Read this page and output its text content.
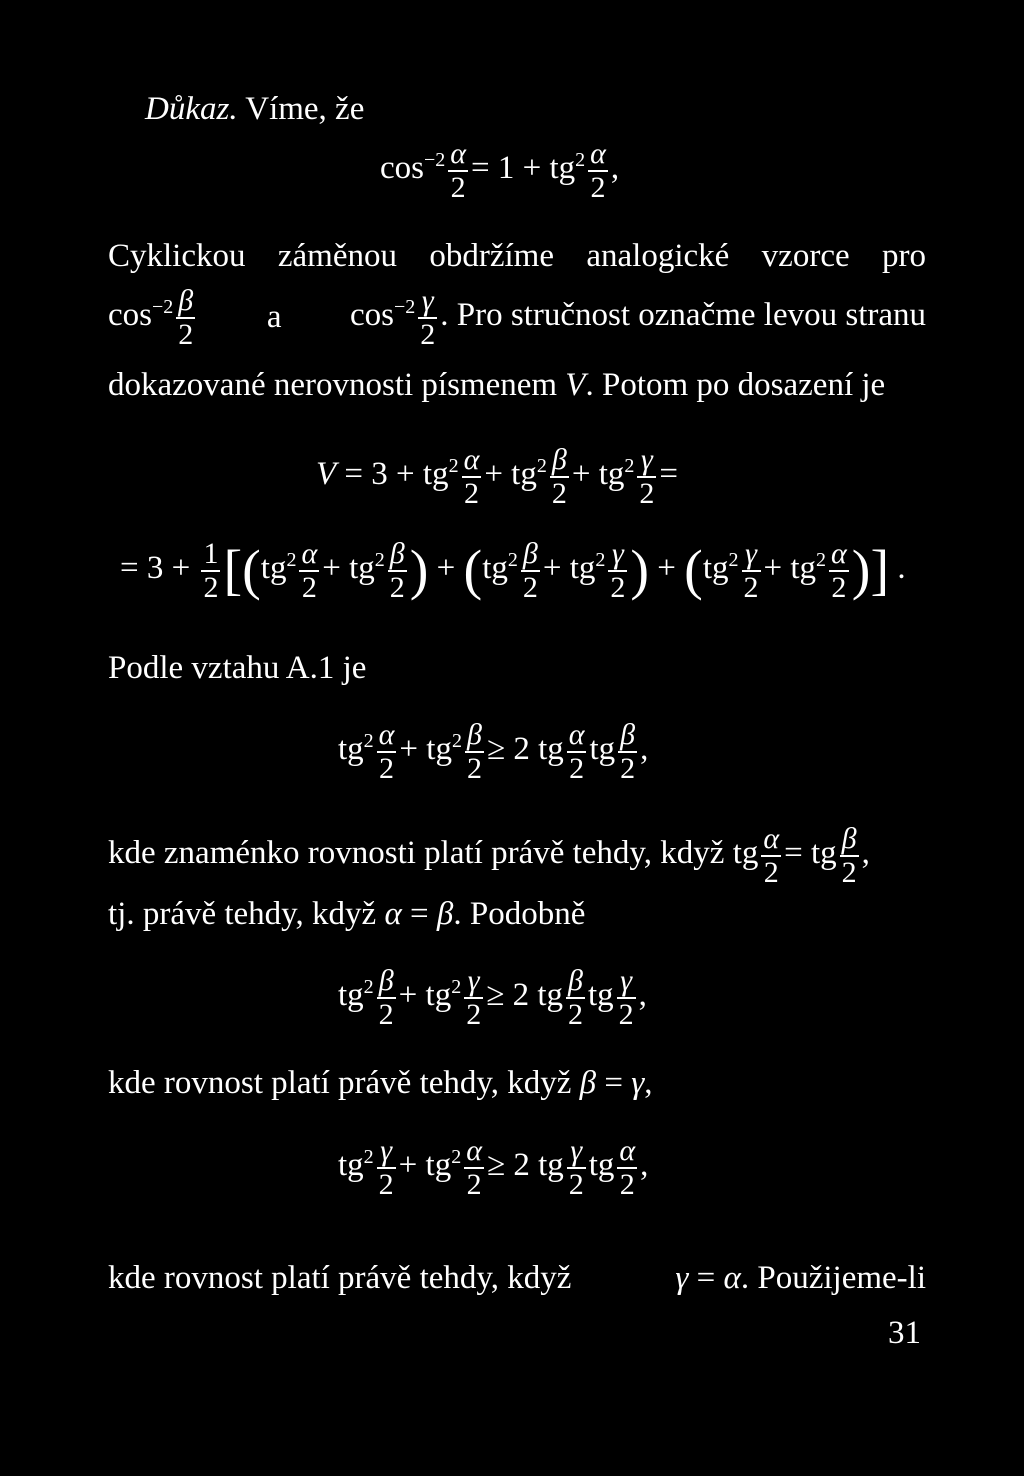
Důkaz. Víme, že
$\cos^{-2} \frac{\alpha}{2} = 1 + tg^2 \frac{\alpha}{2}$ ,
Cyklickou záměnou obdržíme analogické vzorce pro
$\cos^{-2} \frac{\beta}{2}$ a $\cos^{-2} \frac{\gamma}{2}$ . Pro stručnost označme levou stranu
dokazované nerovnosti písmenem V. Potom po dosazení je
$V = 3 + tg^2 \frac{\alpha}{2} + tg^2 \frac{\beta}{2} + tg^2 \frac{\gamma}{2}$ =
= $3 + \frac{1}{2} [(tg^2 \frac{\alpha}{2} + tg^2 \frac{\beta}{2}$ ) + ($tg^2 \frac{\beta}{2} + tg^2 \frac{\gamma}{2}$ ) + ($tg^2 \frac{\gamma}{2} + tg^2 \frac{\alpha}{2}$ )] .
Podle vztahu A.1 je
$tg^2 \frac{\alpha}{2} + tg^2 \frac{\beta}{2} \ge 2$ tg $\frac{\alpha}{2}$ tg $\frac{\beta}{2}$ ,
kde znaménko rovnosti platí právě tehdy, když tg $\frac{\alpha}{2}$ = tg $\frac{\beta}{2}$ ,
tj. právě tehdy, když α = β. Podobně
$tg^2 \frac{\beta}{2} + tg^2 \frac{\gamma}{2} \ge 2$ tg $\frac{\beta}{2}$ tg $\frac{\gamma}{2}$ ,
kde rovnost platí právě tehdy, když β = γ,
$tg^2 \frac{\gamma}{2} + tg^2 \frac{\alpha}{2} \ge 2$ tg $\frac{\gamma}{2}$ tg $\frac{\alpha}{2}$ ,
kde rovnost platí právě tehdy, když	γ = α. Použijeme-li
31
